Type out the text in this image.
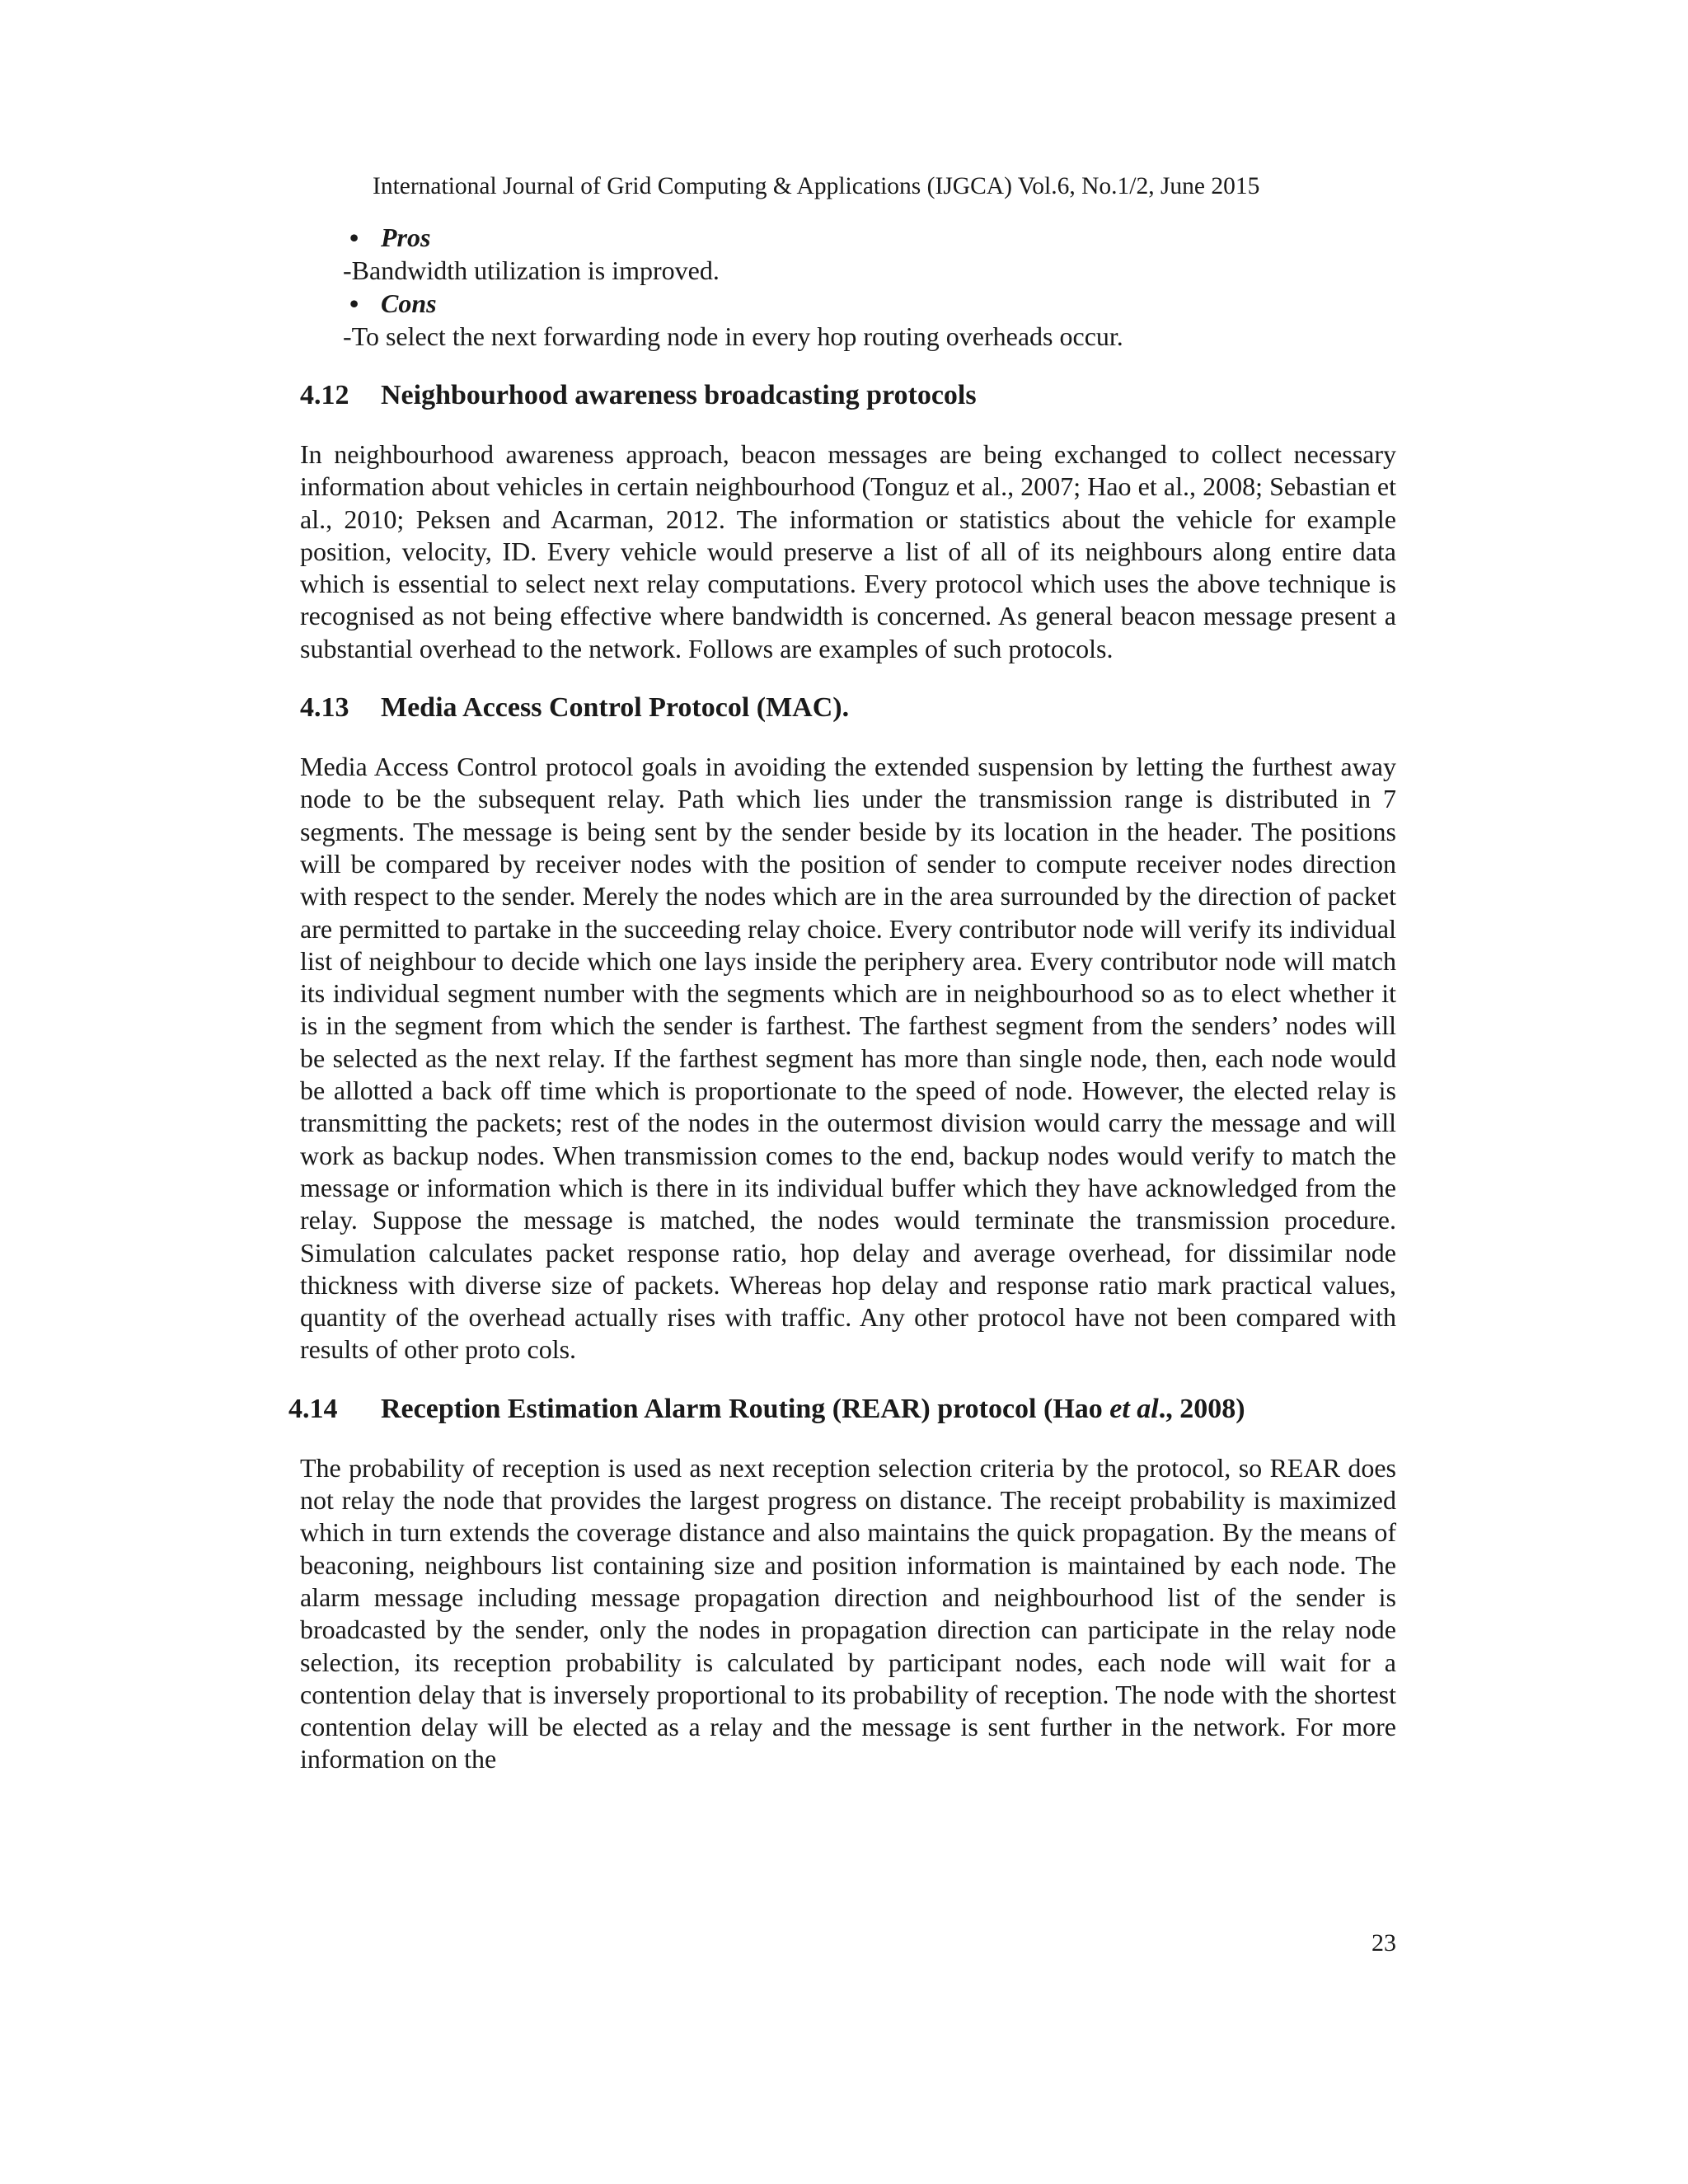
International Journal of Grid Computing & Applications (IJGCA) Vol.6, No.1/2, June 2015
• Pros
-Bandwidth utilization is improved.
• Cons
-To select the next forwarding node in every hop routing overheads occur.
4.12 Neighbourhood awareness broadcasting protocols

In neighbourhood awareness approach, beacon messages are being exchanged to collect necessary information about vehicles in certain neighbourhood (Tonguz et al., 2007; Hao et al., 2008; Sebastian et al., 2010; Peksen and Acarman, 2012. The information or statistics about the vehicle for example position, velocity, ID. Every vehicle would preserve a list of all of its neighbours along entire data which is essential to select next relay computations. Every protocol which uses the above technique is recognised as not being effective where bandwidth is concerned. As general beacon message present a substantial overhead to the network. Follows are examples of such protocols.

4.13 Media Access Control Protocol (MAC).

Media Access Control protocol goals in avoiding the extended suspension by letting the furthest away node to be the subsequent relay. Path which lies under the transmission range is distributed in 7 segments. The message is being sent by the sender beside by its location in the header. The positions will be compared by receiver nodes with the position of sender to compute receiver nodes direction with respect to the sender. Merely the nodes which are in the area surrounded by the direction of packet are permitted to partake in the succeeding relay choice. Every contributor node will verify its individual list of neighbour to decide which one lays inside the periphery area. Every contributor node will match its individual segment number with the segments which are in neighbourhood so as to elect whether it is in the segment from which the sender is farthest. The farthest segment from the senders’ nodes will be selected as the next relay. If the farthest segment has more than single node, then, each node would be allotted a back off time which is proportionate to the speed of node. However, the elected relay is transmitting the packets; rest of the nodes in the outermost division would carry the message and will work as backup nodes. When transmission comes to the end, backup nodes would verify to match the message or information which is there in its individual buffer which they have acknowledged from the relay. Suppose the message is matched, the nodes would terminate the transmission procedure. Simulation calculates packet response ratio, hop delay and average overhead, for dissimilar node thickness with diverse size of packets. Whereas hop delay and response ratio mark practical values, quantity of the overhead actually rises with traffic. Any other protocol have not been compared with results of other proto cols.

4.14 Reception Estimation Alarm Routing (REAR) protocol (Hao et al., 2008)

The probability of reception is used as next reception selection criteria by the protocol, so REAR does not relay the node that provides the largest progress on distance. The receipt probability is maximized which in turn extends the coverage distance and also maintains the quick propagation. By the means of beaconing, neighbours list containing size and position information is maintained by each node. The alarm message including message propagation direction and neighbourhood list of the sender is broadcasted by the sender, only the nodes in propagation direction can participate in the relay node selection, its reception probability is calculated by participant nodes, each node will wait for a contention delay that is inversely proportional to its probability of reception. The node with the shortest contention delay will be elected as a relay and the message is sent further in the network. For more information on the

23
